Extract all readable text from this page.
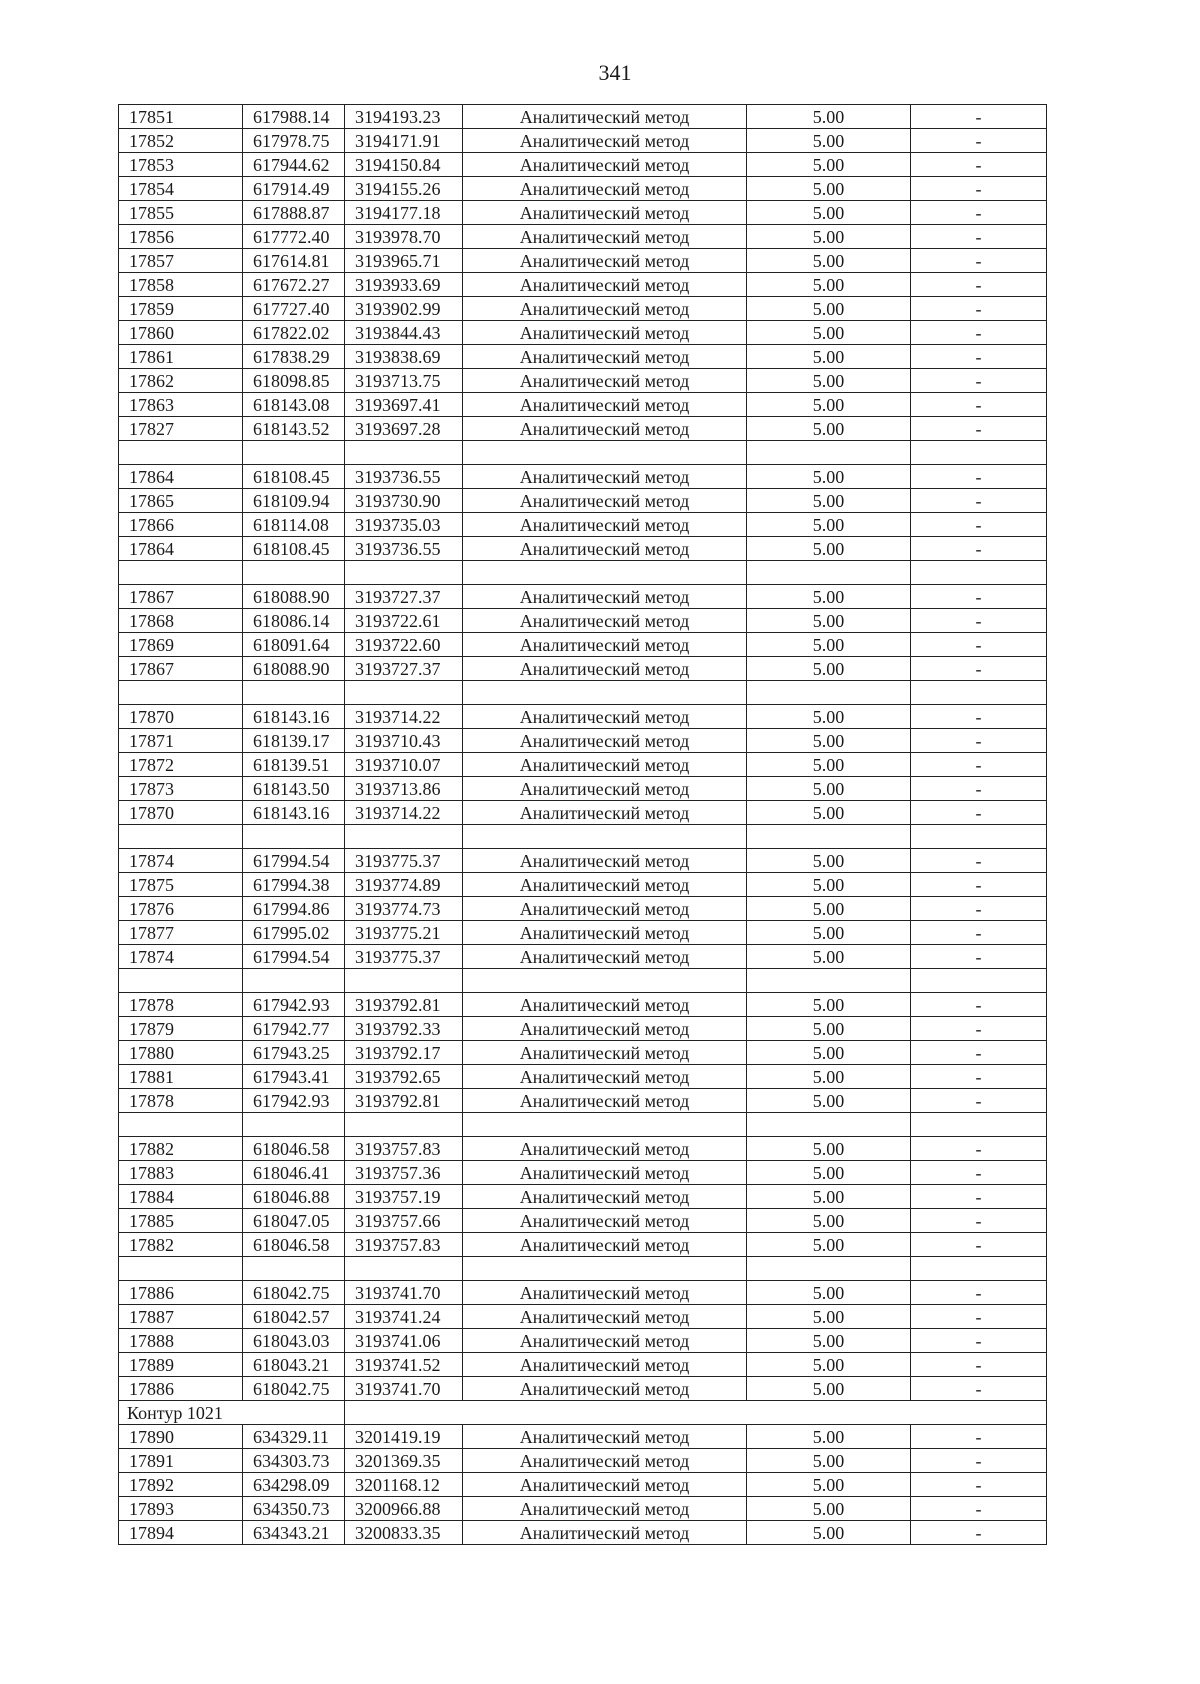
341
17851	617988.14	3194193.23	Аналитический метод	5.00	-
17852	617978.75	3194171.91	Аналитический метод	5.00	-
17853	617944.62	3194150.84	Аналитический метод	5.00	-
17854	617914.49	3194155.26	Аналитический метод	5.00	-
17855	617888.87	3194177.18	Аналитический метод	5.00	-
17856	617772.40	3193978.70	Аналитический метод	5.00	-
17857	617614.81	3193965.71	Аналитический метод	5.00	-
17858	617672.27	3193933.69	Аналитический метод	5.00	-
17859	617727.40	3193902.99	Аналитический метод	5.00	-
17860	617822.02	3193844.43	Аналитический метод	5.00	-
17861	617838.29	3193838.69	Аналитический метод	5.00	-
17862	618098.85	3193713.75	Аналитический метод	5.00	-
17863	618143.08	3193697.41	Аналитический метод	5.00	-
17827	618143.52	3193697.28	Аналитический метод	5.00	-

17864	618108.45	3193736.55	Аналитический метод	5.00	-
17865	618109.94	3193730.90	Аналитический метод	5.00	-
17866	618114.08	3193735.03	Аналитический метод	5.00	-
17864	618108.45	3193736.55	Аналитический метод	5.00	-

17867	618088.90	3193727.37	Аналитический метод	5.00	-
17868	618086.14	3193722.61	Аналитический метод	5.00	-
17869	618091.64	3193722.60	Аналитический метод	5.00	-
17867	618088.90	3193727.37	Аналитический метод	5.00	-

17870	618143.16	3193714.22	Аналитический метод	5.00	-
17871	618139.17	3193710.43	Аналитический метод	5.00	-
17872	618139.51	3193710.07	Аналитический метод	5.00	-
17873	618143.50	3193713.86	Аналитический метод	5.00	-
17870	618143.16	3193714.22	Аналитический метод	5.00	-

17874	617994.54	3193775.37	Аналитический метод	5.00	-
17875	617994.38	3193774.89	Аналитический метод	5.00	-
17876	617994.86	3193774.73	Аналитический метод	5.00	-
17877	617995.02	3193775.21	Аналитический метод	5.00	-
17874	617994.54	3193775.37	Аналитический метод	5.00	-

17878	617942.93	3193792.81	Аналитический метод	5.00	-
17879	617942.77	3193792.33	Аналитический метод	5.00	-
17880	617943.25	3193792.17	Аналитический метод	5.00	-
17881	617943.41	3193792.65	Аналитический метод	5.00	-
17878	617942.93	3193792.81	Аналитический метод	5.00	-

17882	618046.58	3193757.83	Аналитический метод	5.00	-
17883	618046.41	3193757.36	Аналитический метод	5.00	-
17884	618046.88	3193757.19	Аналитический метод	5.00	-
17885	618047.05	3193757.66	Аналитический метод	5.00	-
17882	618046.58	3193757.83	Аналитический метод	5.00	-

17886	618042.75	3193741.70	Аналитический метод	5.00	-
17887	618042.57	3193741.24	Аналитический метод	5.00	-
17888	618043.03	3193741.06	Аналитический метод	5.00	-
17889	618043.21	3193741.52	Аналитический метод	5.00	-
17886	618042.75	3193741.70	Аналитический метод	5.00	-
Контур 1021					
17890	634329.11	3201419.19	Аналитический метод	5.00	-
17891	634303.73	3201369.35	Аналитический метод	5.00	-
17892	634298.09	3201168.12	Аналитический метод	5.00	-
17893	634350.73	3200966.88	Аналитический метод	5.00	-
17894	634343.21	3200833.35	Аналитический метод	5.00	-
